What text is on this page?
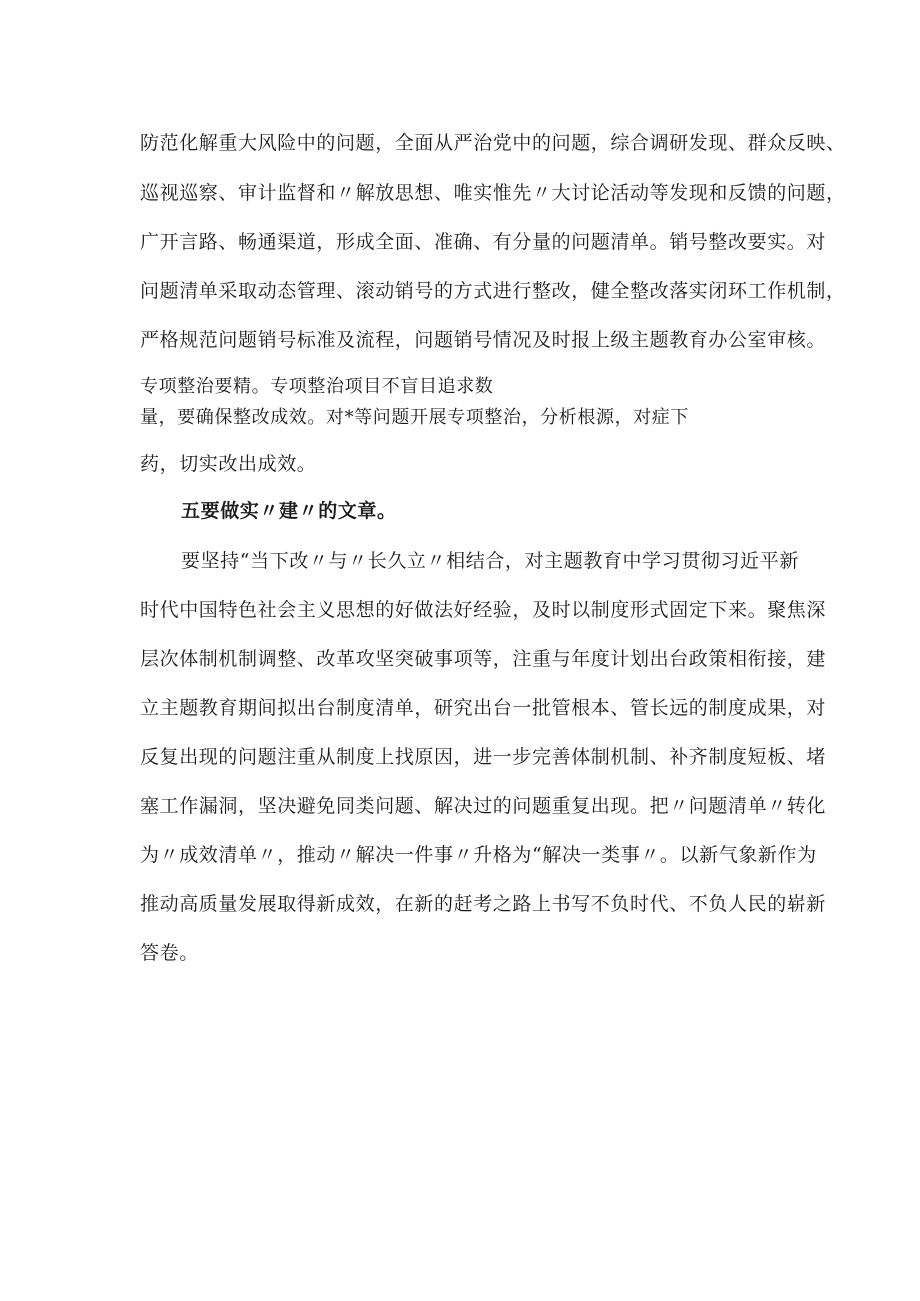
防范化解重大风险中的问题，全面从严治党中的问题，综合调研发现、群众反映、

巡视巡察、审计监督和〃解放思想、唯实惟先〃大讨论活动等发现和反馈的问题，

广开言路、畅通渠道，形成全面、准确、有分量的问题清单。销号整改要实。对

问题清单采取动态管理、滚动销号的方式进行整改，健全整改落实闭环工作机制，

严格规范问题销号标准及流程，问题销号情况及时报上级主题教育办公室审核。

专项整治要精。专项整治项目不盲目追求数

量，要确保整改成效。对*等问题开展专项整治，分析根源，对症下

药，切实改出成效。

五要做实〃建〃的文章。

要坚持“当下改〃与〃长久立〃相结合，对主题教育中学习贯彻习近平新

时代中国特色社会主义思想的好做法好经验，及时以制度形式固定下来。聚焦深

层次体制机制调整、改革攻坚突破事项等，注重与年度计划出台政策相衔接，建

立主题教育期间拟出台制度清单，研究出台一批管根本、管长远的制度成果，对

反复出现的问题注重从制度上找原因，进一步完善体制机制、补齐制度短板、堵

塞工作漏洞，坚决避免同类问题、解决过的问题重复出现。把〃问题清单〃转化

为〃成效清单〃，推动〃解决一件事〃升格为“解决一类事〃。以新气象新作为

推动高质量发展取得新成效，在新的赶考之路上书写不负时代、不负人民的崭新

答卷。
